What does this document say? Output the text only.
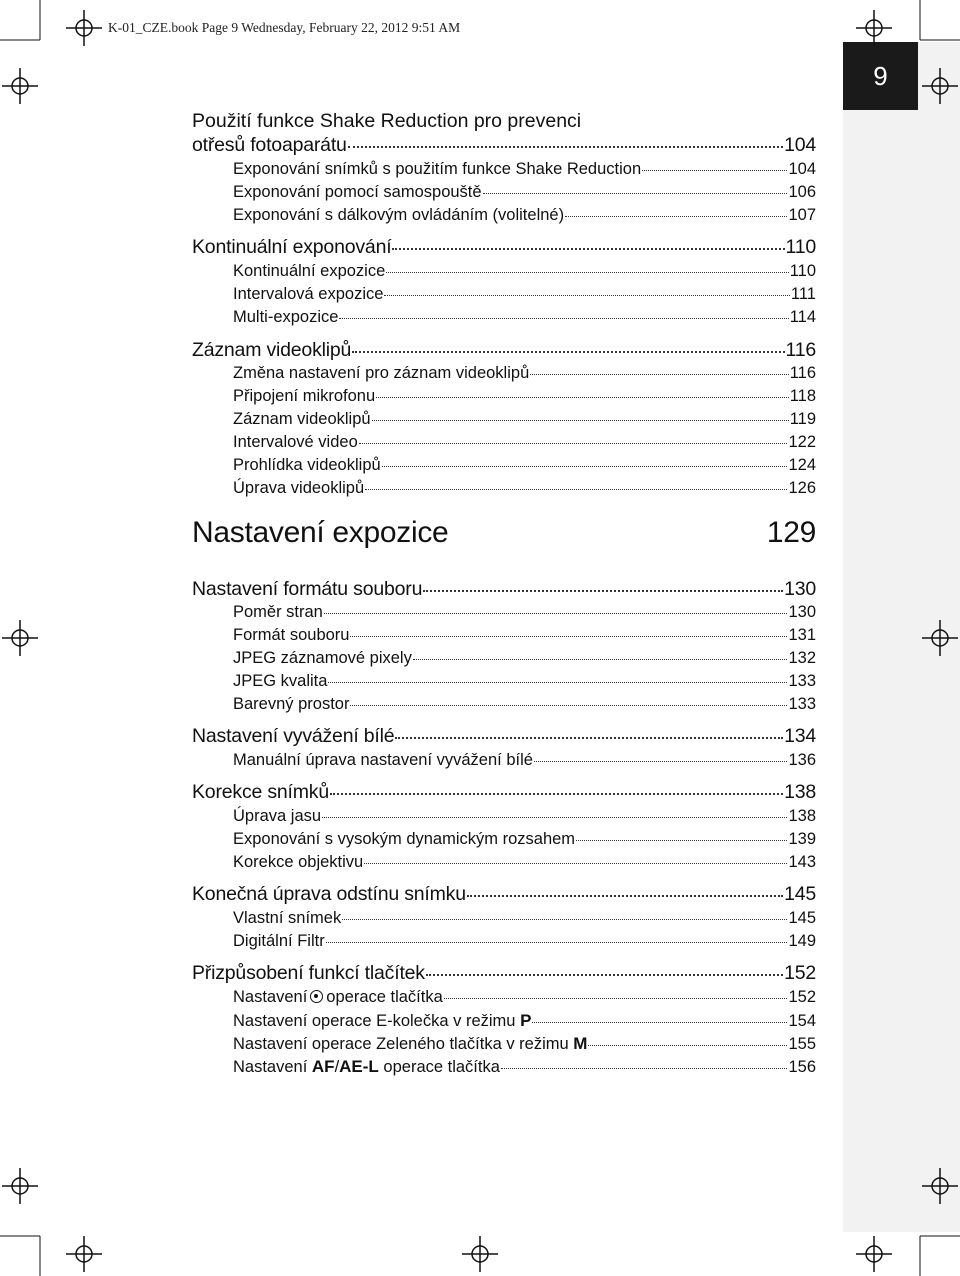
K-01_CZE.book Page 9 Wednesday, February 22, 2012 9:51 AM
9
Použití funkce Shake Reduction pro prevenci
otřesů fotoaparátu	104
Exponování snímků s použitím funkce Shake Reduction	104
Exponování pomocí samospouště	106
Exponování s dálkovým ovládáním (volitelné)	107
Kontinuální exponování	110
Kontinuální expozice	110
Intervalová expozice	111
Multi-expozice	114
Záznam videoklipů	116
Změna nastavení pro záznam videoklipů	116
Připojení mikrofonu	118
Záznam videoklipů	119
Intervalové video	122
Prohlídka videoklipů	124
Úprava videoklipů	126
Nastavení expozice	129
Nastavení formátu souboru	130
Poměr stran	130
Formát souboru	131
JPEG záznamové pixely	132
JPEG kvalita	133
Barevný prostor	133
Nastavení vyvážení bílé	134
Manuální úprava nastavení vyvážení bílé	136
Korekce snímků	138
Úprava jasu	138
Exponování s vysokým dynamickým rozsahem	139
Korekce objektivu	143
Konečná úprava odstínu snímku	145
Vlastní snímek	145
Digitální Filtr	149
Přizpůsobení funkcí tlačítek	152
Nastavení operace tlačítka	152
Nastavení operace E-kolečka v režimu P	154
Nastavení operace Zeleného tlačítka v režimu M	155
Nastavení AF/AE-L operace tlačítka	156
